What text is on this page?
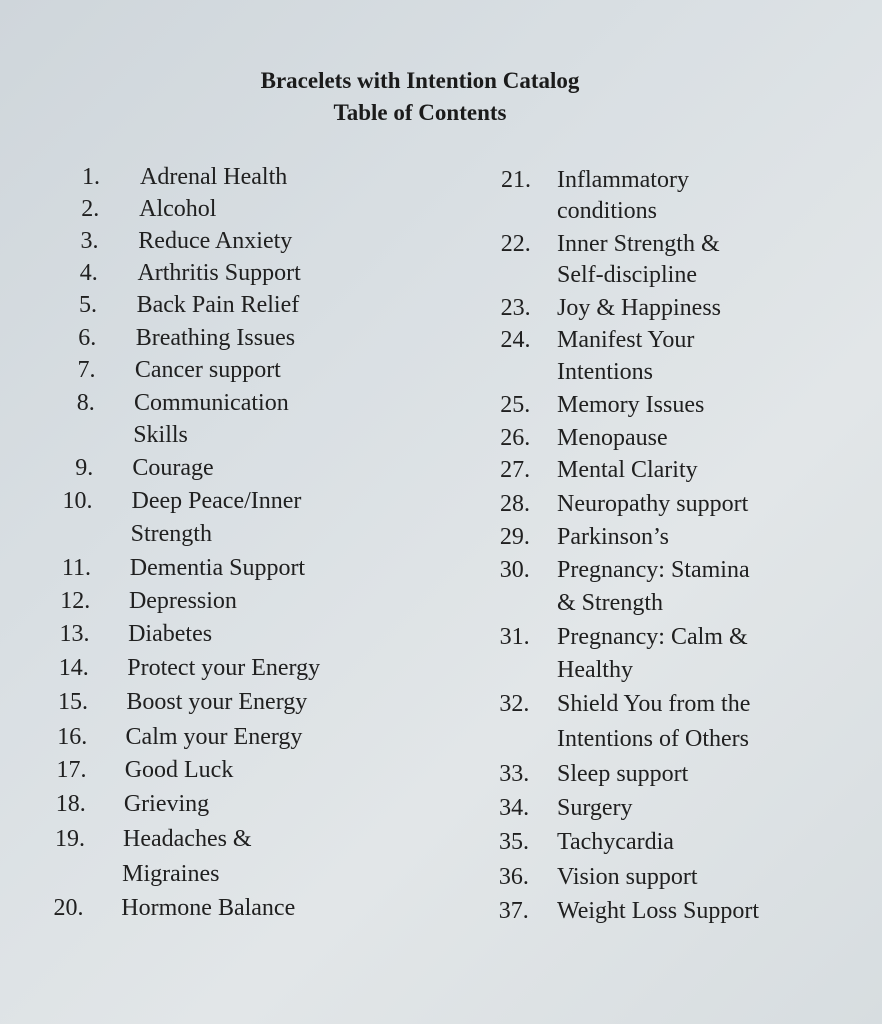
Bracelets with Intention Catalog
Table of Contents
1. Adrenal Health
2. Alcohol
3. Reduce Anxiety
4. Arthritis Support
5. Back Pain Relief
6. Breathing Issues
7. Cancer support
8. Communication
Skills
9. Courage
10. Deep Peace/Inner
Strength
11. Dementia Support
12. Depression
13. Diabetes
14. Protect your Energy
15. Boost your Energy
16. Calm your Energy
17. Good Luck
18. Grieving
19. Headaches &
Migraines
20. Hormone Balance
21. Inflammatory
conditions
22. Inner Strength &
Self-discipline
23. Joy & Happiness
24. Manifest Your
Intentions
25. Memory Issues
26. Menopause
27. Mental Clarity
28. Neuropathy support
29. Parkinson’s
30. Pregnancy: Stamina
& Strength
31. Pregnancy: Calm &
Healthy
32. Shield You from the
Intentions of Others
33. Sleep support
34. Surgery
35. Tachycardia
36. Vision support
37. Weight Loss Support
